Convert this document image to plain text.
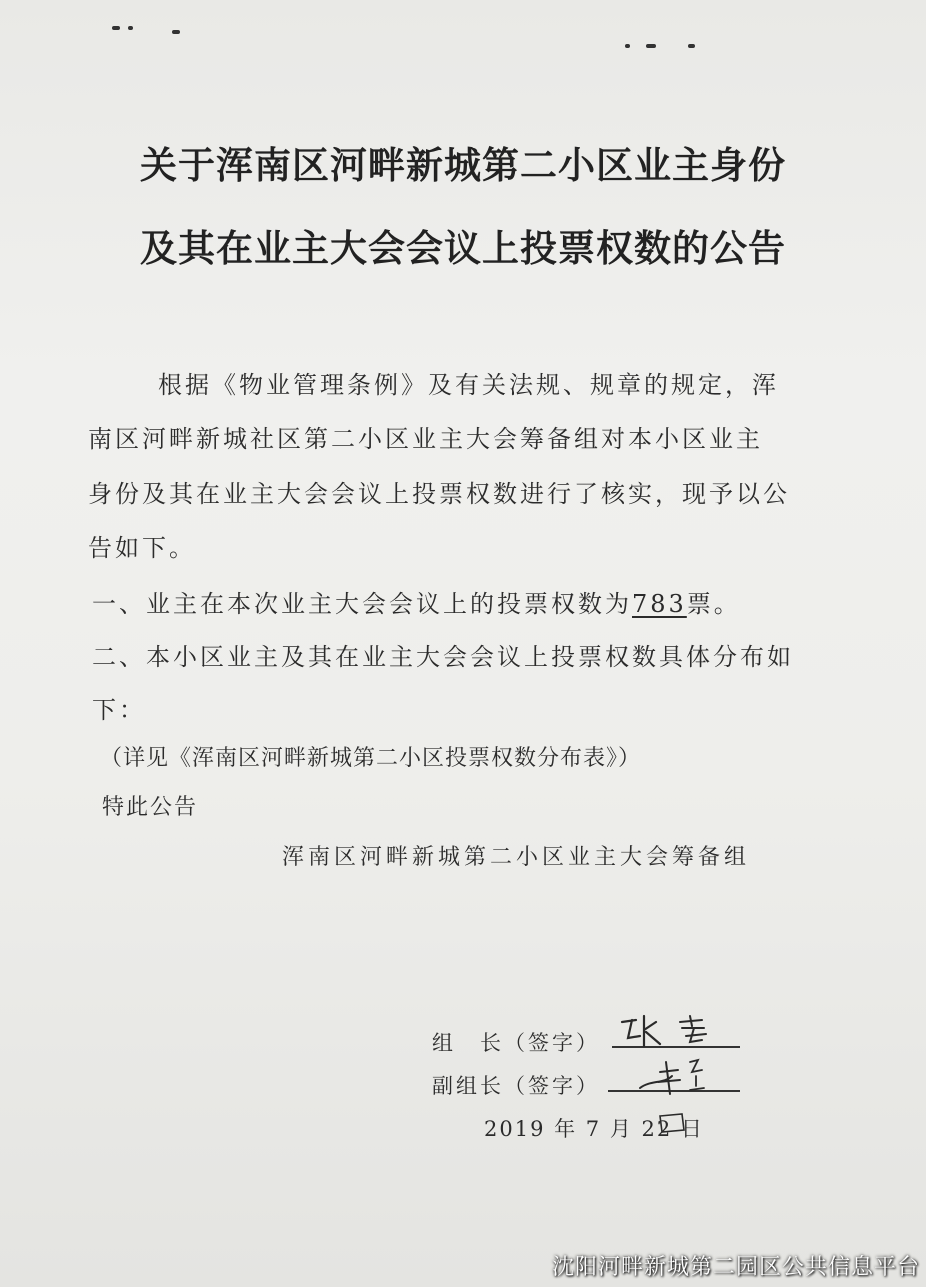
关于浑南区河畔新城第二小区业主身份
及其在业主大会会议上投票权数的公告
根据《物业管理条例》及有关法规、规章的规定，浑
南区河畔新城社区第二小区业主大会筹备组对本小区业主
身份及其在业主大会会议上投票权数进行了核实，现予以公
告如下。
一、业主在本次业主大会会议上的投票权数为783票。
二、本小区业主及其在业主大会会议上投票权数具体分布如
下：
（详见《浑南区河畔新城第二小区投票权数分布表》）
特此公告
浑南区河畔新城第二小区业主大会筹备组
组　长（签字）
副组长（签字）
2019 年 7 月 22 日
沈阳河畔新城第二园区公共信息平台
